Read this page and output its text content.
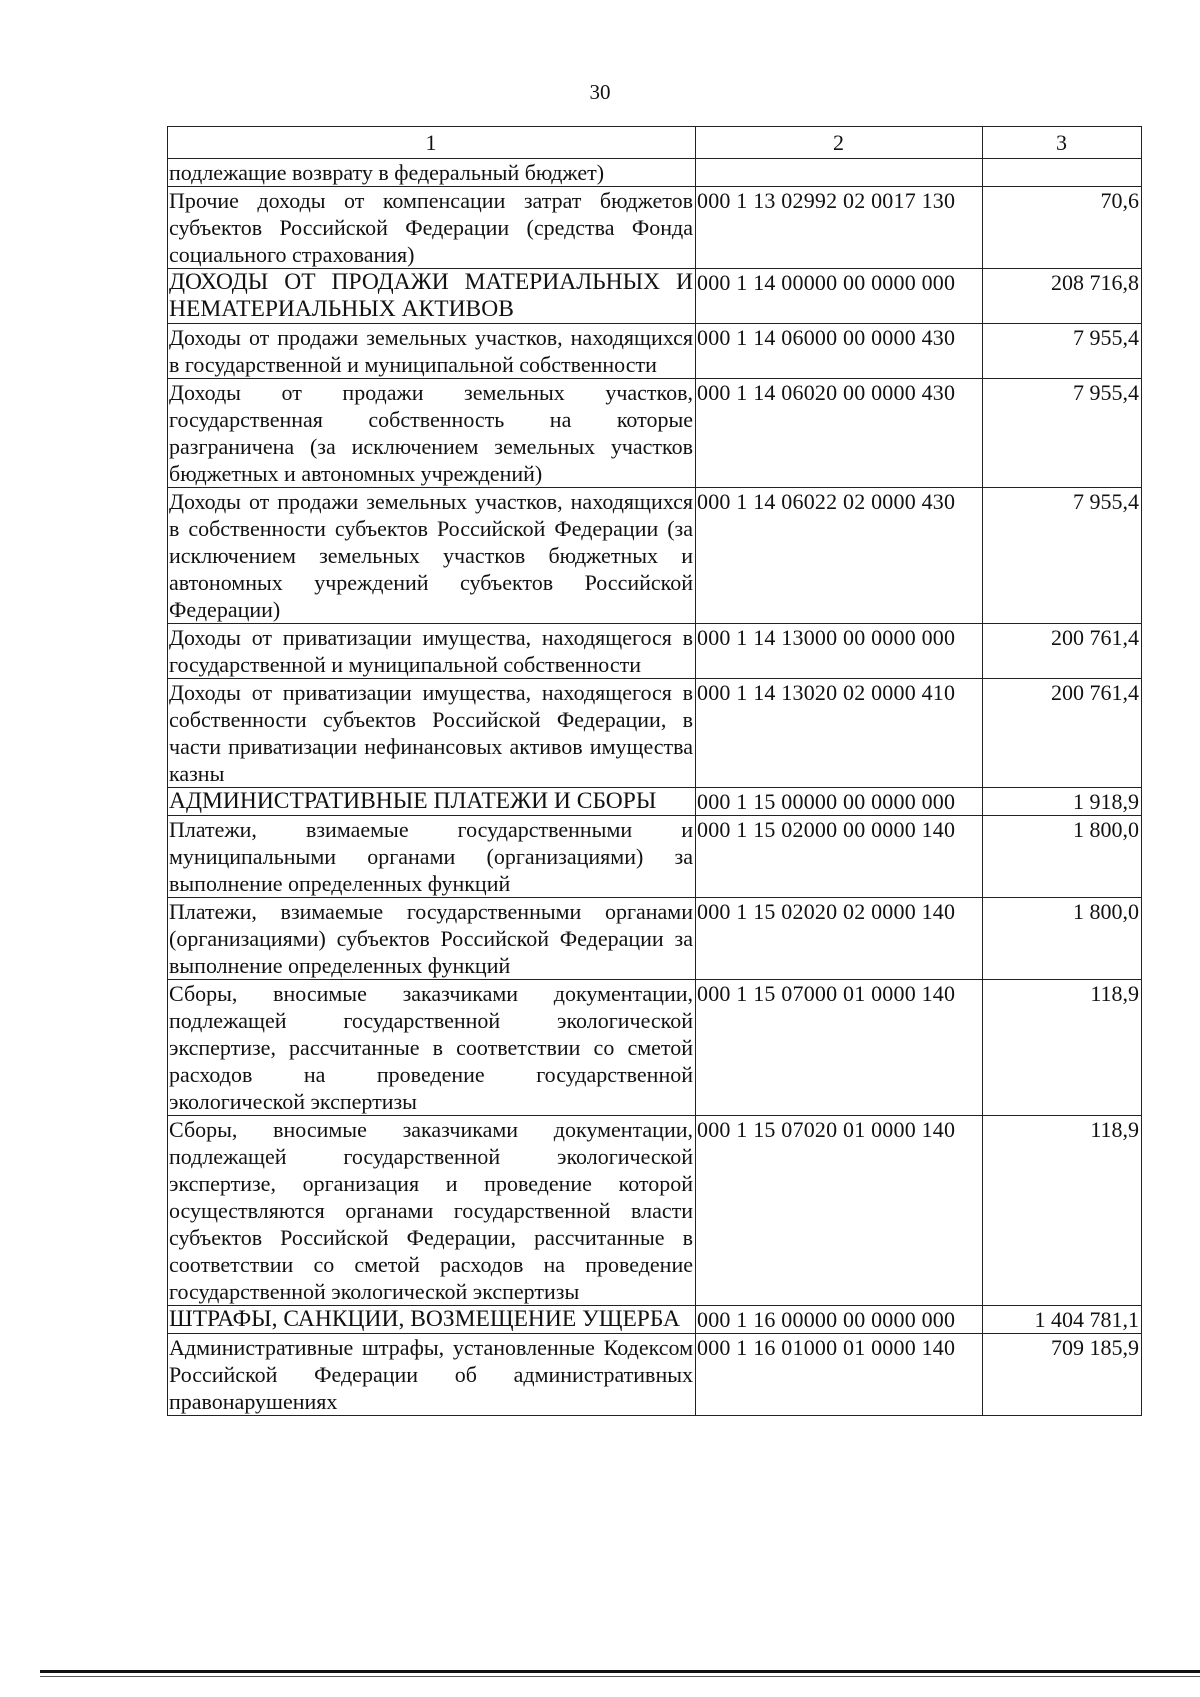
30
1	2	3
подлежащие возврату в федеральный бюджет)		
Прочие доходы от компенсации затрат бюджетов субъектов Российской Федерации (средства Фонда социального страхования)	000 1 13 02992 02 0017 130	70,6
ДОХОДЫ ОТ ПРОДАЖИ МАТЕРИАЛЬНЫХ И НЕМАТЕРИАЛЬНЫХ АКТИВОВ	000 1 14 00000 00 0000 000	208 716,8
Доходы от продажи земельных участков, находящихся в государственной и муниципальной собственности	000 1 14 06000 00 0000 430	7 955,4
Доходы от продажи земельных участков, государственная собственность на которые разграничена (за исключением земельных участков бюджетных и автономных учреждений)	000 1 14 06020 00 0000 430	7 955,4
Доходы от продажи земельных участков, находящихся в собственности субъектов Российской Федерации (за исключением земельных участков бюджетных и автономных учреждений субъектов Российской Федерации)	000 1 14 06022 02 0000 430	7 955,4
Доходы от приватизации имущества, находящегося в государственной и муниципальной собственности	000 1 14 13000 00 0000 000	200 761,4
Доходы от приватизации имущества, находящегося в собственности субъектов Российской Федерации, в части приватизации нефинансовых активов имущества казны	000 1 14 13020 02 0000 410	200 761,4
АДМИНИСТРАТИВНЫЕ ПЛАТЕЖИ И СБОРЫ	000 1 15 00000 00 0000 000	1 918,9
Платежи, взимаемые государственными и муниципальными органами (организациями) за выполнение определенных функций	000 1 15 02000 00 0000 140	1 800,0
Платежи, взимаемые государственными органами (организациями) субъектов Российской Федерации за выполнение определенных функций	000 1 15 02020 02 0000 140	1 800,0
Сборы, вносимые заказчиками документации, подлежащей государственной экологической экспертизе, рассчитанные в соответствии со сметой расходов на проведение государственной экологической экспертизы	000 1 15 07000 01 0000 140	118,9
Сборы, вносимые заказчиками документации, подлежащей государственной экологической экспертизе, организация и проведение которой осуществляются органами государственной власти субъектов Российской Федерации, рассчитанные в соответствии со сметой расходов на проведение государственной экологической экспертизы	000 1 15 07020 01 0000 140	118,9
ШТРАФЫ, САНКЦИИ, ВОЗМЕЩЕНИЕ УЩЕРБА	000 1 16 00000 00 0000 000	1 404 781,1
Административные штрафы, установленные Кодексом Российской Федерации об административных правонарушениях	000 1 16 01000 01 0000 140	709 185,9
